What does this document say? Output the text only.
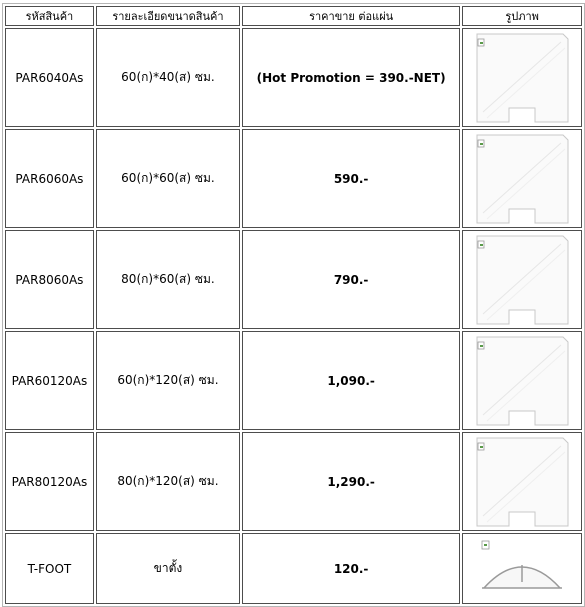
รหัสสินค้า	รายละเอียดขนาดสินค้า	ราคาขาย ต่อแผ่น	รูปภาพ
PAR6040As	60(ก)*40(ส) ซม.	(Hot Promotion = 390.-NET)	

PAR6060As	60(ก)*60(ส) ซม.	590.-	

PAR8060As	80(ก)*60(ส) ซม.	790.-	

PAR60120As	60(ก)*120(ส) ซม.	1,090.-	

PAR80120As	80(ก)*120(ส) ซม.	1,290.-	

T-FOOT	ขาตั้ง	120.-	
